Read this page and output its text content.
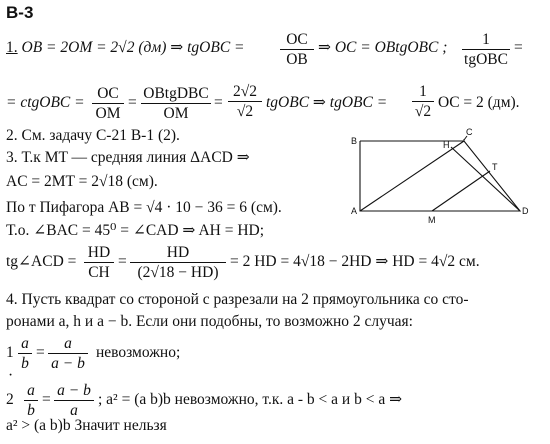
В-3
1. OB = 2OM = 2√2 (дм) ⇒ tgOBC = $\frac{OC}{OB}$ ⇒ OC = OBtgOBC ;	1
tgOBC
=
= ctgOBC = $\frac{OC}{OM}$ =
OBtgDBC
OM
= $\frac{2√2}{√2}$ tgOBC ⇒ tgOBC = $\frac{1}{√2}$ OC = 2 (дм).
2. См. задачу С-21 В-1 (2).
3. Т.к MT — средняя линия ΔACD ⇒
AC = 2MT = 2√18 (см).
По т Пифагора AB = √4 · 10 − 36 = 6 (см).
Т.о. ∠BAC = 45⁰ = ∠CAD ⇒ AH = HD;
tg∠ACD = $\frac{HD}{CH} = \frac{HD}{(2√18 - HD)} = 2$ HD = 4√18 − 2HD ⇒ HD = 4√2 см.
B
C
H
T
A
M
D
4. Пусть квадрат со стороной c разрезали на 2 прямоугольника со сто-
ронами a, h и a − b. Если они подобны, то возможно 2 случая:
$1 \frac{a}{b} = \frac{a}{a - b}$ невозможно;
·
$2 \frac{a}{b} = \frac{a - b}{a}$ ; a² = (a b)b невозможно, т.к. a - b < a и b < a ⇒
a² > (a b)b Значит нельзя
